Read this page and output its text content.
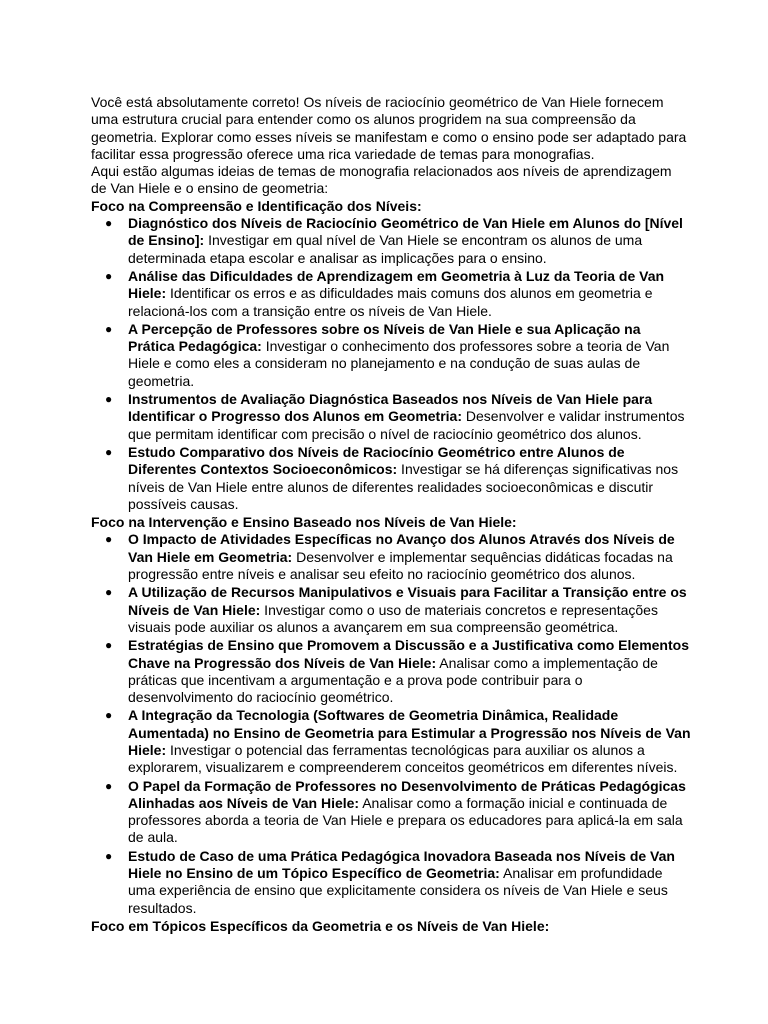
Você está absolutamente correto! Os níveis de raciocínio geométrico de Van Hiele fornecem uma estrutura crucial para entender como os alunos progridem na sua compreensão da geometria. Explorar como esses níveis se manifestam e como o ensino pode ser adaptado para facilitar essa progressão oferece uma rica variedade de temas para monografias.

Aqui estão algumas ideias de temas de monografia relacionados aos níveis de aprendizagem de Van Hiele e o ensino de geometria:

Foco na Compreensão e Identificação dos Níveis:

● Diagnóstico dos Níveis de Raciocínio Geométrico de Van Hiele em Alunos do [Nível de Ensino]: Investigar em qual nível de Van Hiele se encontram os alunos de uma determinada etapa escolar e analisar as implicações para o ensino.
● Análise das Dificuldades de Aprendizagem em Geometria à Luz da Teoria de Van Hiele: Identificar os erros e as dificuldades mais comuns dos alunos em geometria e relacioná-los com a transição entre os níveis de Van Hiele.
● A Percepção de Professores sobre os Níveis de Van Hiele e sua Aplicação na Prática Pedagógica: Investigar o conhecimento dos professores sobre a teoria de Van Hiele e como eles a consideram no planejamento e na condução de suas aulas de geometria.
● Instrumentos de Avaliação Diagnóstica Baseados nos Níveis de Van Hiele para Identificar o Progresso dos Alunos em Geometria: Desenvolver e validar instrumentos que permitam identificar com precisão o nível de raciocínio geométrico dos alunos.
● Estudo Comparativo dos Níveis de Raciocínio Geométrico entre Alunos de Diferentes Contextos Socioeconômicos: Investigar se há diferenças significativas nos níveis de Van Hiele entre alunos de diferentes realidades socioeconômicas e discutir possíveis causas.

Foco na Intervenção e Ensino Baseado nos Níveis de Van Hiele:

● O Impacto de Atividades Específicas no Avanço dos Alunos Através dos Níveis de Van Hiele em Geometria: Desenvolver e implementar sequências didáticas focadas na progressão entre níveis e analisar seu efeito no raciocínio geométrico dos alunos.
● A Utilização de Recursos Manipulativos e Visuais para Facilitar a Transição entre os Níveis de Van Hiele: Investigar como o uso de materiais concretos e representações visuais pode auxiliar os alunos a avançarem em sua compreensão geométrica.
● Estratégias de Ensino que Promovem a Discussão e a Justificativa como Elementos Chave na Progressão dos Níveis de Van Hiele: Analisar como a implementação de práticas que incentivam a argumentação e a prova pode contribuir para o desenvolvimento do raciocínio geométrico.
● A Integração da Tecnologia (Softwares de Geometria Dinâmica, Realidade Aumentada) no Ensino de Geometria para Estimular a Progressão nos Níveis de Van Hiele: Investigar o potencial das ferramentas tecnológicas para auxiliar os alunos a explorarem, visualizarem e compreenderem conceitos geométricos em diferentes níveis.
● O Papel da Formação de Professores no Desenvolvimento de Práticas Pedagógicas Alinhadas aos Níveis de Van Hiele: Analisar como a formação inicial e continuada de professores aborda a teoria de Van Hiele e prepara os educadores para aplicá-la em sala de aula.
● Estudo de Caso de uma Prática Pedagógica Inovadora Baseada nos Níveis de Van Hiele no Ensino de um Tópico Específico de Geometria: Analisar em profundidade uma experiência de ensino que explicitamente considera os níveis de Van Hiele e seus resultados.

Foco em Tópicos Específicos da Geometria e os Níveis de Van Hiele:
